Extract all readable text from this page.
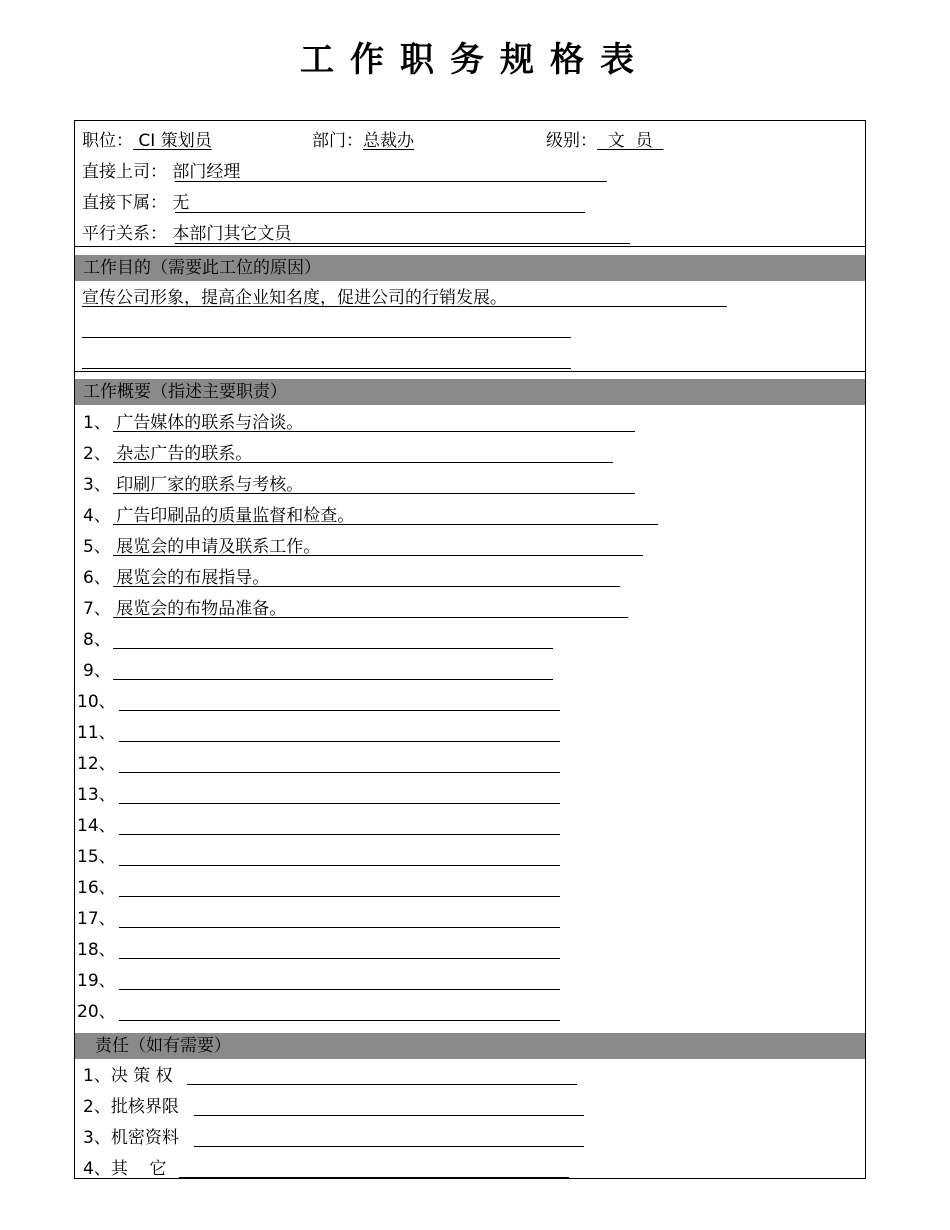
工作职务规格表
职位： CI 策划员	部门：总裁办	级别：  文  员
直接上司： 部门经理
直接下属： 无
平行关系： 本部门其它文员
工作目的（需要此工位的原因）
宣传公司形象，提高企业知名度，促进公司的行销发展。
工作概要（指述主要职责）
1、 广告媒体的联系与洽谈。
2、 杂志广告的联系。
3、 印刷厂家的联系与考核。
4、 广告印刷品的质量监督和检查。
5、 展览会的申请及联系工作。
6、 展览会的布展指导。
7、 展览会的布物品准备。
8、
9、
10、
11、
12、
13、
14、
15、
16、
17、
18、
19、
20、
责任（如有需要）
1、决 策 权
2、批核界限
3、机密资料
4、其    它
